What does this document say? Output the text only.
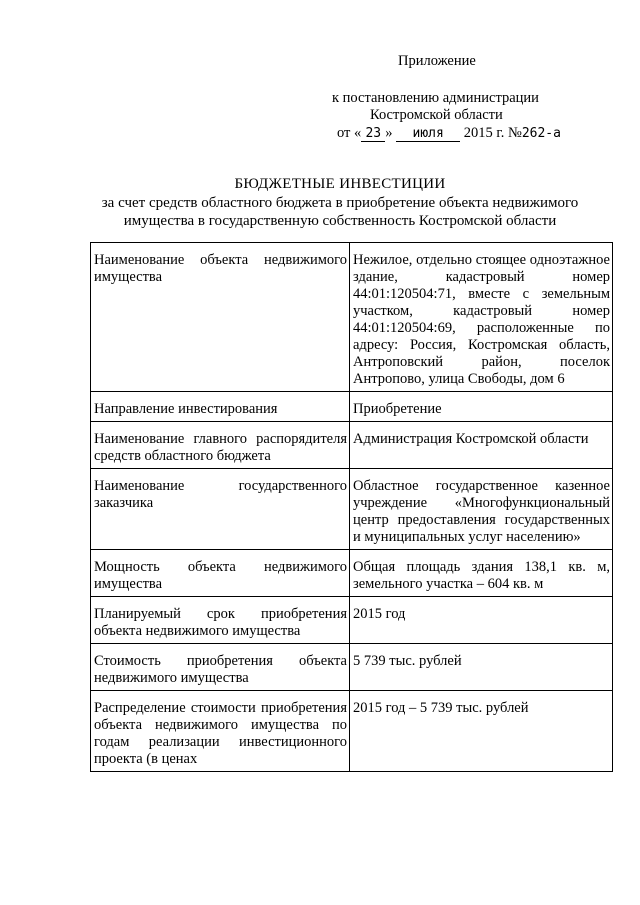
Приложение
к постановлению администрации
Костромской области
от « 23 » июля 2015 г. №262-а
БЮДЖЕТНЫЕ ИНВЕСТИЦИИ
за счет средств областного бюджета в приобретение объекта недвижимого имущества в государственную собственность Костромской области
Наименование объекта недвижимого имущества	Нежилое, отдельно стоящее одноэтажное здание, кадастровый номер 44:01:120504:71, вместе с земельным участком, кадастровый номер 44:01:120504:69, расположенные по адресу: Россия, Костромская область, Антроповский район, поселок Антропово, улица Свободы, дом 6

Направление инвестирования	Приобретение

Наименование главного распорядителя средств областного бюджета	Администрация Костромской области

Наименование государственного заказчика	Областное государственное казенное учреждение «Многофункциональный центр предоставления государственных и муниципальных услуг населению»

Мощность объекта недвижимого имущества	Общая площадь здания 138,1 кв. м, земельного участка – 604 кв. м

Планируемый срок приобретения объекта недвижимого имущества	2015 год

Стоимость приобретения объекта недвижимого имущества	5 739 тыс. рублей

Распределение стоимости приобретения объекта недвижимого имущества по годам реализации инвестиционного проекта (в ценах	2015 год – 5 739 тыс. рублей
